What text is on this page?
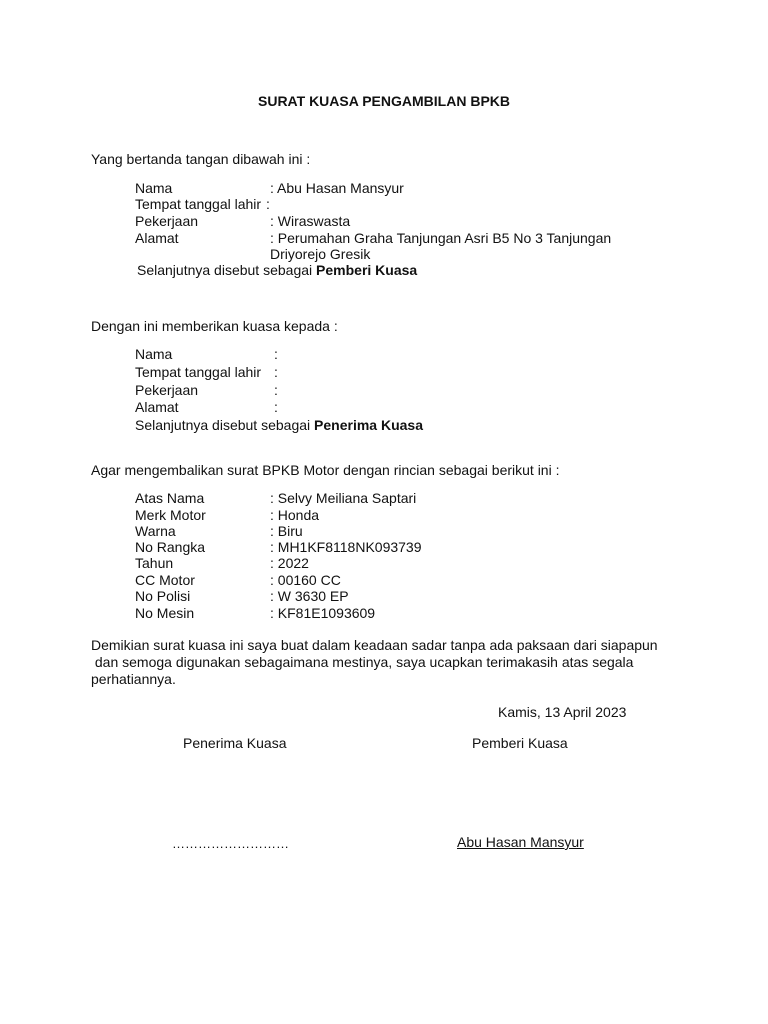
SURAT KUASA PENGAMBILAN BPKB
Yang bertanda tangan dibawah ini :
Nama	: Abu Hasan Mansyur
Tempat tanggal lahir :
Pekerjaan	: Wiraswasta
Alamat	: Perumahan Graha Tanjungan Asri B5 No 3 Tanjungan
Driyorejo Gresik
Selanjutnya disebut sebagai Pemberi Kuasa
Dengan ini memberikan kuasa kepada :
Nama	:
Tempat tanggal lahir :
Pekerjaan	:
Alamat	:
Selanjutnya disebut sebagai Penerima Kuasa
Agar mengembalikan surat BPKB Motor dengan rincian sebagai berikut ini :
Atas Nama	: Selvy Meiliana Saptari
Merk Motor	: Honda
Warna	: Biru
No Rangka	: MH1KF8118NK093739
Tahun	: 2022
CC Motor	: 00160 CC
No Polisi	: W 3630 EP
No Mesin	: KF81E1093609
Demikian surat kuasa ini saya buat dalam keadaan sadar tanpa ada paksaan dari siapapun
dan semoga digunakan sebagaimana mestinya, saya ucapkan terimakasih atas segala
perhatiannya.
Kamis, 13 April 2023
Penerima Kuasa	Pemberi Kuasa
………………………	Abu Hasan Mansyur
